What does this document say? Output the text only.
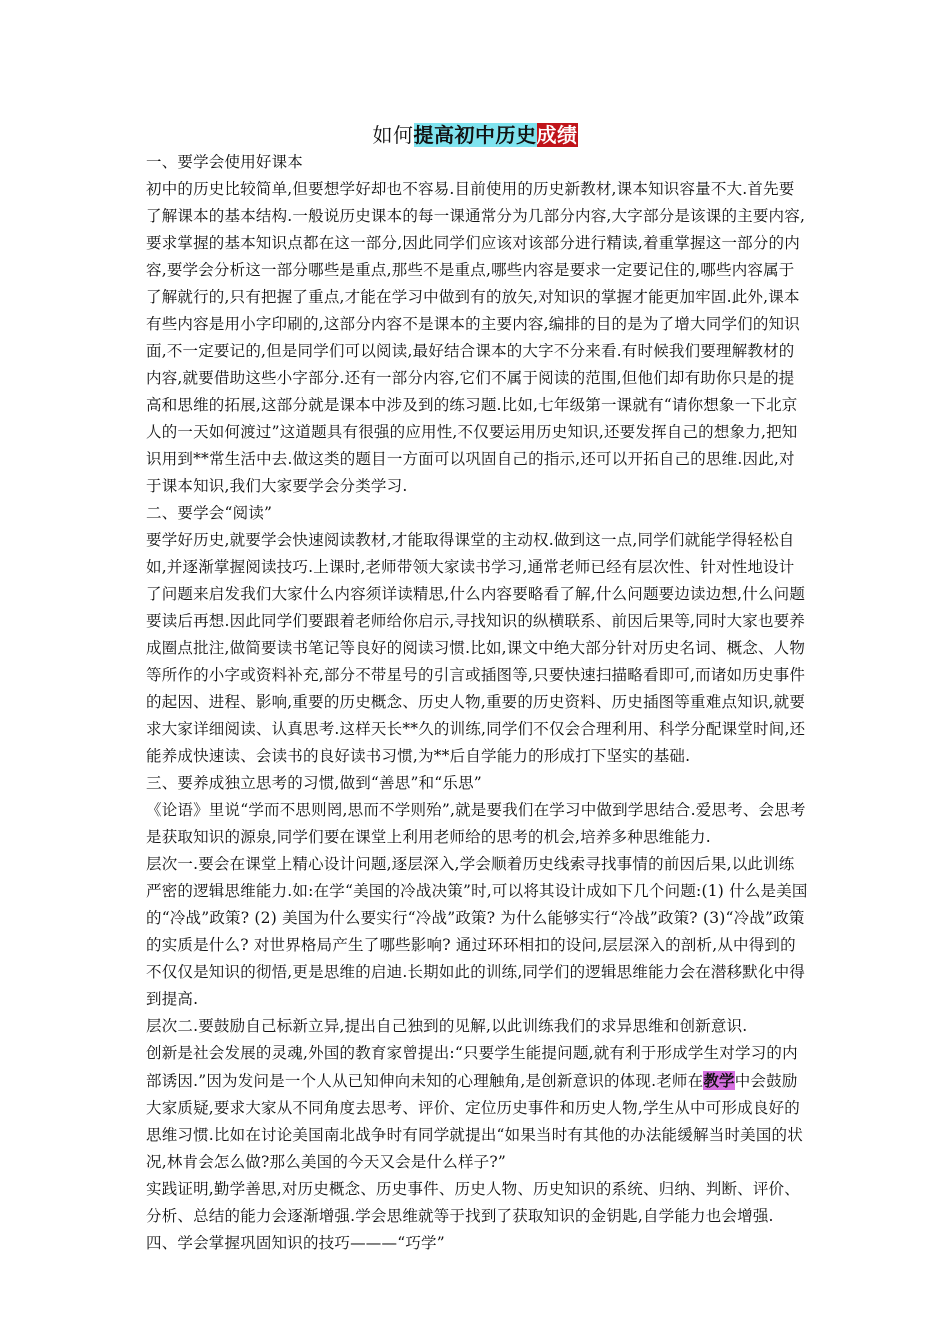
如何提高初中历史成绩

一、要学会使用好课本

初中的历史比较简单,但要想学好却也不容易.目前使用的历史新教材,课本知识容量不大.首先要了解课本的基本结构.一般说历史课本的每一课通常分为几部分内容,大字部分是该课的主要内容,要求掌握的基本知识点都在这一部分,因此同学们应该对该部分进行精读,着重掌握这一部分的内容,要学会分析这一部分哪些是重点,那些不是重点,哪些内容是要求一定要记住的,哪些内容属于了解就行的,只有把握了重点,才能在学习中做到有的放矢,对知识的掌握才能更加牢固.此外,课本有些内容是用小字印刷的,这部分内容不是课本的主要内容,编排的目的是为了增大同学们的知识面,不一定要记的,但是同学们可以阅读,最好结合课本的大字不分来看.有时候我们要理解教材的内容,就要借助这些小字部分.还有一部分内容,它们不属于阅读的范围,但他们却有助你只是的提高和思维的拓展,这部分就是课本中涉及到的练习题.比如,七年级第一课就有“请你想象一下北京人的一天如何渡过”这道题具有很强的应用性,不仅要运用历史知识,还要发挥自己的想象力,把知识用到**常生活中去.做这类的题目一方面可以巩固自己的指示,还可以开拓自己的思维.因此,对于课本知识,我们大家要学会分类学习.

二、要学会“阅读”

要学好历史,就要学会快速阅读教材,才能取得课堂的主动权.做到这一点,同学们就能学得轻松自如,并逐渐掌握阅读技巧.上课时,老师带领大家读书学习,通常老师已经有层次性、针对性地设计了问题来启发我们大家什么内容须详读精思,什么内容要略看了解,什么问题要边读边想,什么问题要读后再想.因此同学们要跟着老师给你启示,寻找知识的纵横联系、前因后果等,同时大家也要养成圈点批注,做简要读书笔记等良好的阅读习惯.比如,课文中绝大部分针对历史名词、概念、人物等所作的小字或资料补充,部分不带星号的引言或插图等,只要快速扫描略看即可,而诸如历史事件的起因、进程、影响,重要的历史概念、历史人物,重要的历史资料、历史插图等重难点知识,就要求大家详细阅读、认真思考.这样天长**久的训练,同学们不仅会合理利用、科学分配课堂时间,还能养成快速读、会读书的良好读书习惯,为**后自学能力的形成打下坚实的基础.

三、要养成独立思考的习惯,做到“善思”和“乐思”

《论语》里说“学而不思则罔,思而不学则殆”,就是要我们在学习中做到学思结合.爱思考、会思考是获取知识的源泉,同学们要在课堂上利用老师给的思考的机会,培养多种思维能力.

层次一.要会在课堂上精心设计问题,逐层深入,学会顺着历史线索寻找事情的前因后果,以此训练严密的逻辑思维能力.如:在学“美国的冷战决策”时,可以将其设计成如下几个问题:(1) 什么是美国的“冷战”政策? (2) 美国为什么要实行“冷战”政策? 为什么能够实行“冷战”政策? (3)“冷战”政策的实质是什么? 对世界格局产生了哪些影响? 通过环环相扣的设问,层层深入的剖析,从中得到的不仅仅是知识的彻悟,更是思维的启迪.长期如此的训练,同学们的逻辑思维能力会在潜移默化中得到提高.

层次二.要鼓励自己标新立异,提出自己独到的见解,以此训练我们的求异思维和创新意识.

创新是社会发展的灵魂,外国的教育家曾提出:“只要学生能提问题,就有利于形成学生对学习的内部诱因.”因为发问是一个人从已知伸向未知的心理触角,是创新意识的体现.老师在教学中会鼓励大家质疑,要求大家从不同角度去思考、评价、定位历史事件和历史人物,学生从中可形成良好的思维习惯.比如在讨论美国南北战争时有同学就提出“如果当时有其他的办法能缓解当时美国的状况,林肯会怎么做?那么美国的今天又会是什么样子?”

实践证明,勤学善思,对历史概念、历史事件、历史人物、历史知识的系统、归纳、判断、评价、分析、总结的能力会逐渐增强.学会思维就等于找到了获取知识的金钥匙,自学能力也会增强.

四、学会掌握巩固知识的技巧———“巧学”
